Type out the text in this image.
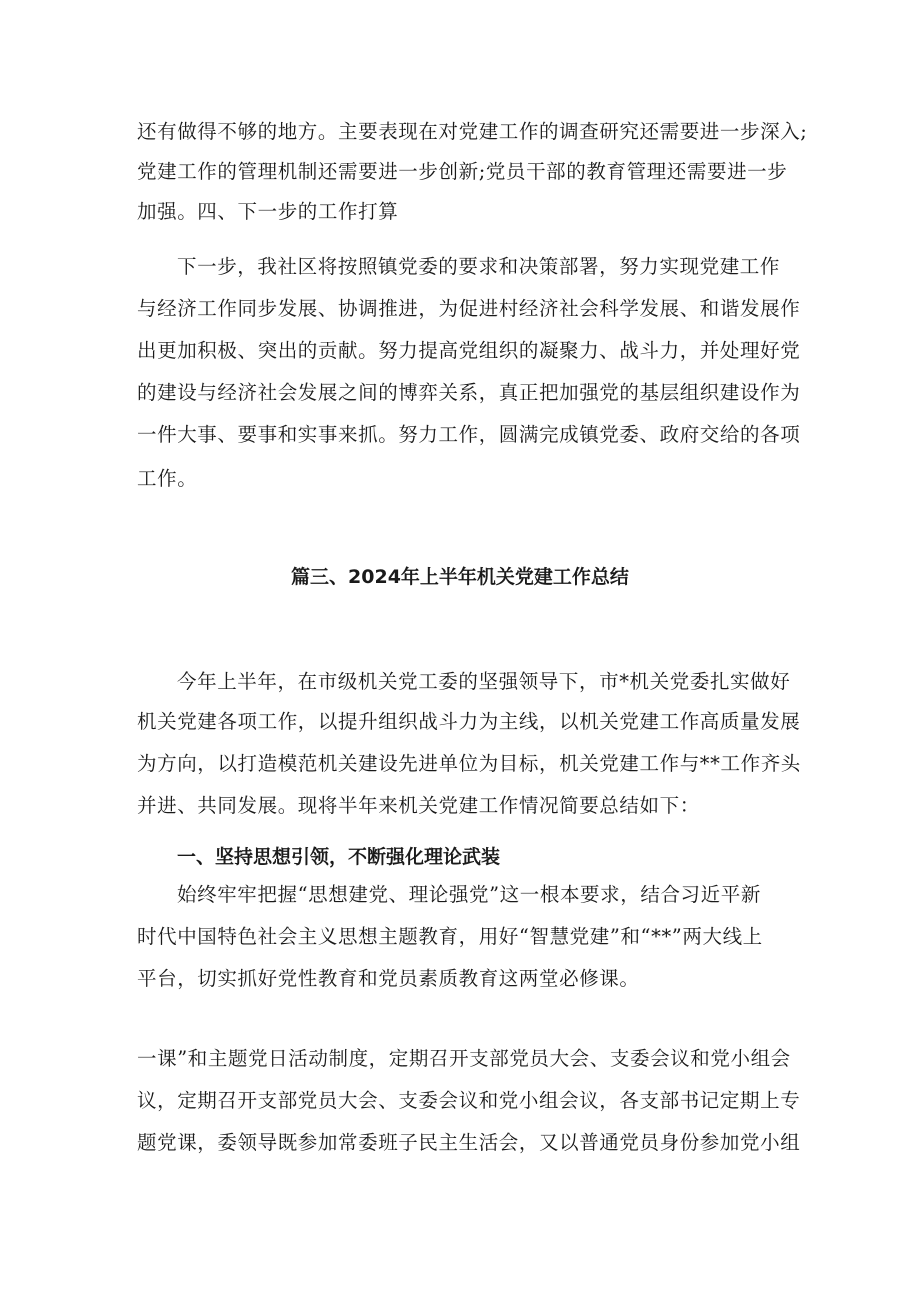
还有做得不够的地方。主要表现在对党建工作的调查研究还需要进一步深入;
党建工作的管理机制还需要进一步创新;党员干部的教育管理还需要进一步
加强。四、下一步的工作打算
下一步，我社区将按照镇党委的要求和决策部署，努力实现党建工作
与经济工作同步发展、协调推进，为促进村经济社会科学发展、和谐发展作
出更加积极、突出的贡献。努力提高党组织的凝聚力、战斗力，并处理好党
的建设与经济社会发展之间的博弈关系，真正把加强党的基层组织建设作为
一件大事、要事和实事来抓。努力工作，圆满完成镇党委、政府交给的各项
工作。
篇三、2024年上半年机关党建工作总结
今年上半年，在市级机关党工委的坚强领导下，市*机关党委扎实做好
机关党建各项工作，以提升组织战斗力为主线，以机关党建工作高质量发展
为方向，以打造模范机关建设先进单位为目标，机关党建工作与**工作齐头
并进、共同发展。现将半年来机关党建工作情况简要总结如下：
一、坚持思想引领，不断强化理论武装
始终牢牢把握“思想建党、理论强党”这一根本要求，结合习近平新
时代中国特色社会主义思想主题教育，用好“智慧党建”和“**”两大线上
平台，切实抓好党性教育和党员素质教育这两堂必修课。
一课”和主题党日活动制度，定期召开支部党员大会、支委会议和党小组会
议，定期召开支部党员大会、支委会议和党小组会议，各支部书记定期上专
题党课，委领导既参加常委班子民主生活会，又以普通党员身份参加党小组
